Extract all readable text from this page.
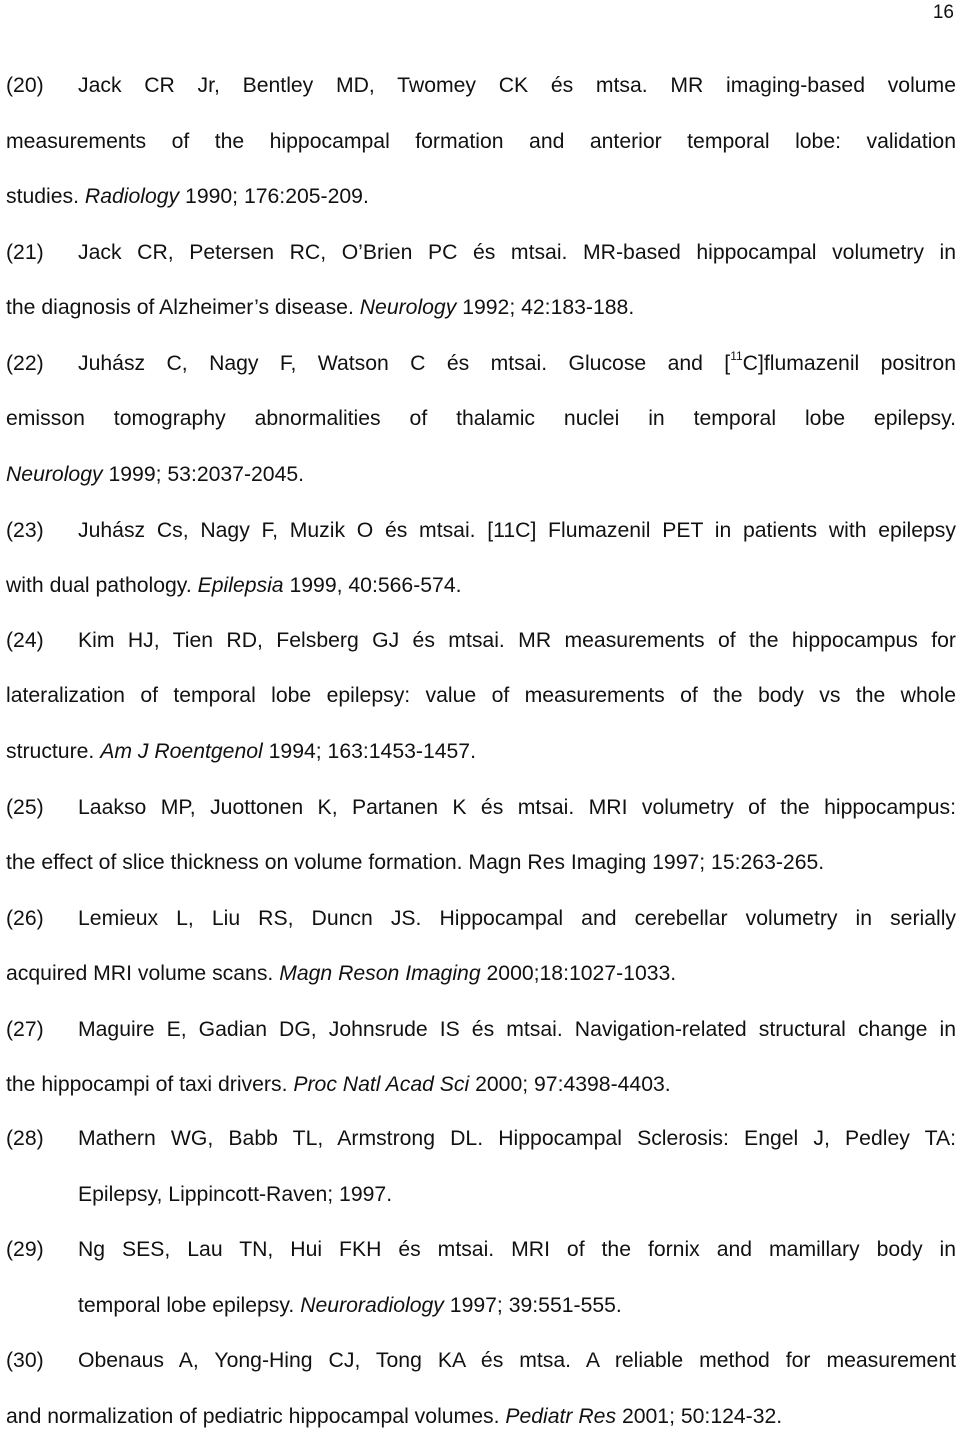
16
(20) Jack CR Jr, Bentley MD, Twomey CK és mtsa. MR imaging-based volume
measurements of the hippocampal formation and anterior temporal lobe: validation
studies. Radiology 1990; 176:205-209.
(21) Jack CR, Petersen RC, O’Brien PC és mtsai. MR-based hippocampal volumetry in
the diagnosis of Alzheimer’s disease. Neurology 1992; 42:183-188.
(22) Juhász C, Nagy F, Watson C és mtsai. Glucose and [$^{11}$C]flumazenil positron
emisson tomography abnormalities of thalamic nuclei in temporal lobe epilepsy.
Neurology 1999; 53:2037-2045.
(23) Juhász Cs, Nagy F, Muzik O és mtsai. [11C] Flumazenil PET in patients with epilepsy
with dual pathology. Epilepsia 1999, 40:566-574.
(24) Kim HJ, Tien RD, Felsberg GJ és mtsai. MR measurements of the hippocampus for
lateralization of temporal lobe epilepsy: value of measurements of the body vs the whole
structure. Am J Roentgenol 1994; 163:1453-1457.
(25) Laakso MP, Juottonen K, Partanen K és mtsai. MRI volumetry of the hippocampus:
the effect of slice thickness on volume formation. Magn Res Imaging 1997; 15:263-265.
(26) Lemieux L, Liu RS, Duncn JS. Hippocampal and cerebellar volumetry in serially
acquired MRI volume scans. Magn Reson Imaging 2000;18:1027-1033.
(27) Maguire E, Gadian DG, Johnsrude IS és mtsai. Navigation-related structural change in
the hippocampi of taxi drivers. Proc Natl Acad Sci 2000; 97:4398-4403.
(28) Mathern WG, Babb TL, Armstrong DL. Hippocampal Sclerosis: Engel J, Pedley TA:
Epilepsy, Lippincott-Raven; 1997.
(29) Ng SES, Lau TN, Hui FKH és mtsai. MRI of the fornix and mamillary body in
temporal lobe epilepsy. Neuroradiology 1997; 39:551-555.
(30) Obenaus A, Yong-Hing CJ, Tong KA és mtsa. A reliable method for measurement
and normalization of pediatric hippocampal volumes. Pediatr Res 2001; 50:124-32.
